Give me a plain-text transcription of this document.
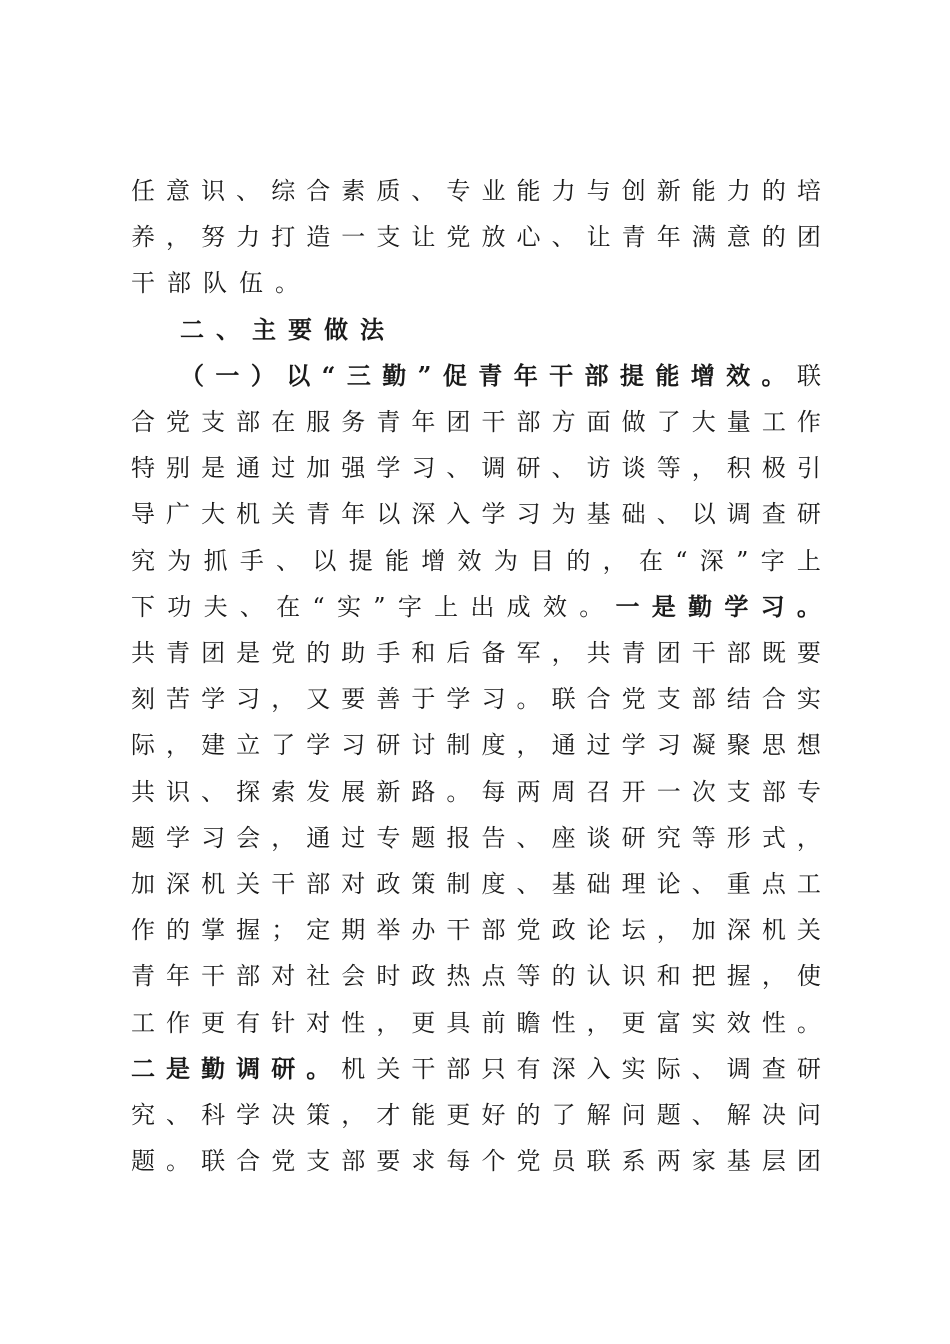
任 意 识 、 综 合 素 质 、 专 业 能 力 与 创 新 能 力 的 培
养 ， 努 力 打 造 一 支 让 党 放 心 、 让 青 年 满 意 的 团
干部队伍。
二、主要做法
（ 一 ） 以 “ 三 勤 ” 促 青 年 干 部 提 能 增 效 。 联
合 党 支 部 在 服 务 青 年 团 干 部 方 面 做 了 大 量 工 作
特 别 是 通 过 加 强 学 习 、 调 研 、 访 谈 等 ， 积 极 引
导 广 大 机 关 青 年 以 深 入 学 习 为 基 础 、 以 调 查 研
究 为 抓 手 、 以 提 能 增 效 为 目 的 ， 在 “ 深 ” 字 上
下 功 夫 、 在 “ 实 ” 字 上 出 成 效 。 一 是 勤 学 习 。
共 青 团 是 党 的 助 手 和 后 备 军 ， 共 青 团 干 部 既 要
刻 苦 学 习 ， 又 要 善 于 学 习 。 联 合 党 支 部 结 合 实
际 ， 建 立 了 学 习 研 讨 制 度 ， 通 过 学 习 凝 聚 思 想
共 识 、 探 索 发 展 新 路 。 每 两 周 召 开 一 次 支 部 专
题 学 习 会 ， 通 过 专 题 报 告 、 座 谈 研 究 等 形 式 ，
加 深 机 关 干 部 对 政 策 制 度 、 基 础 理 论 、 重 点 工
作 的 掌 握 ； 定 期 举 办 干 部 党 政 论 坛 ， 加 深 机 关
青 年 干 部 对 社 会 时 政 热 点 等 的 认 识 和 把 握 ， 使
工 作 更 有 针 对 性 ， 更 具 前 瞻 性 ， 更 富 实 效 性 。
二 是 勤 调 研 。 机 关 干 部 只 有 深 入 实 际 、 调 查 研
究 、 科 学 决 策 ， 才 能 更 好 的 了 解 问 题 、 解 决 问
题 。 联 合 党 支 部 要 求 每 个 党 员 联 系 两 家 基 层 团
